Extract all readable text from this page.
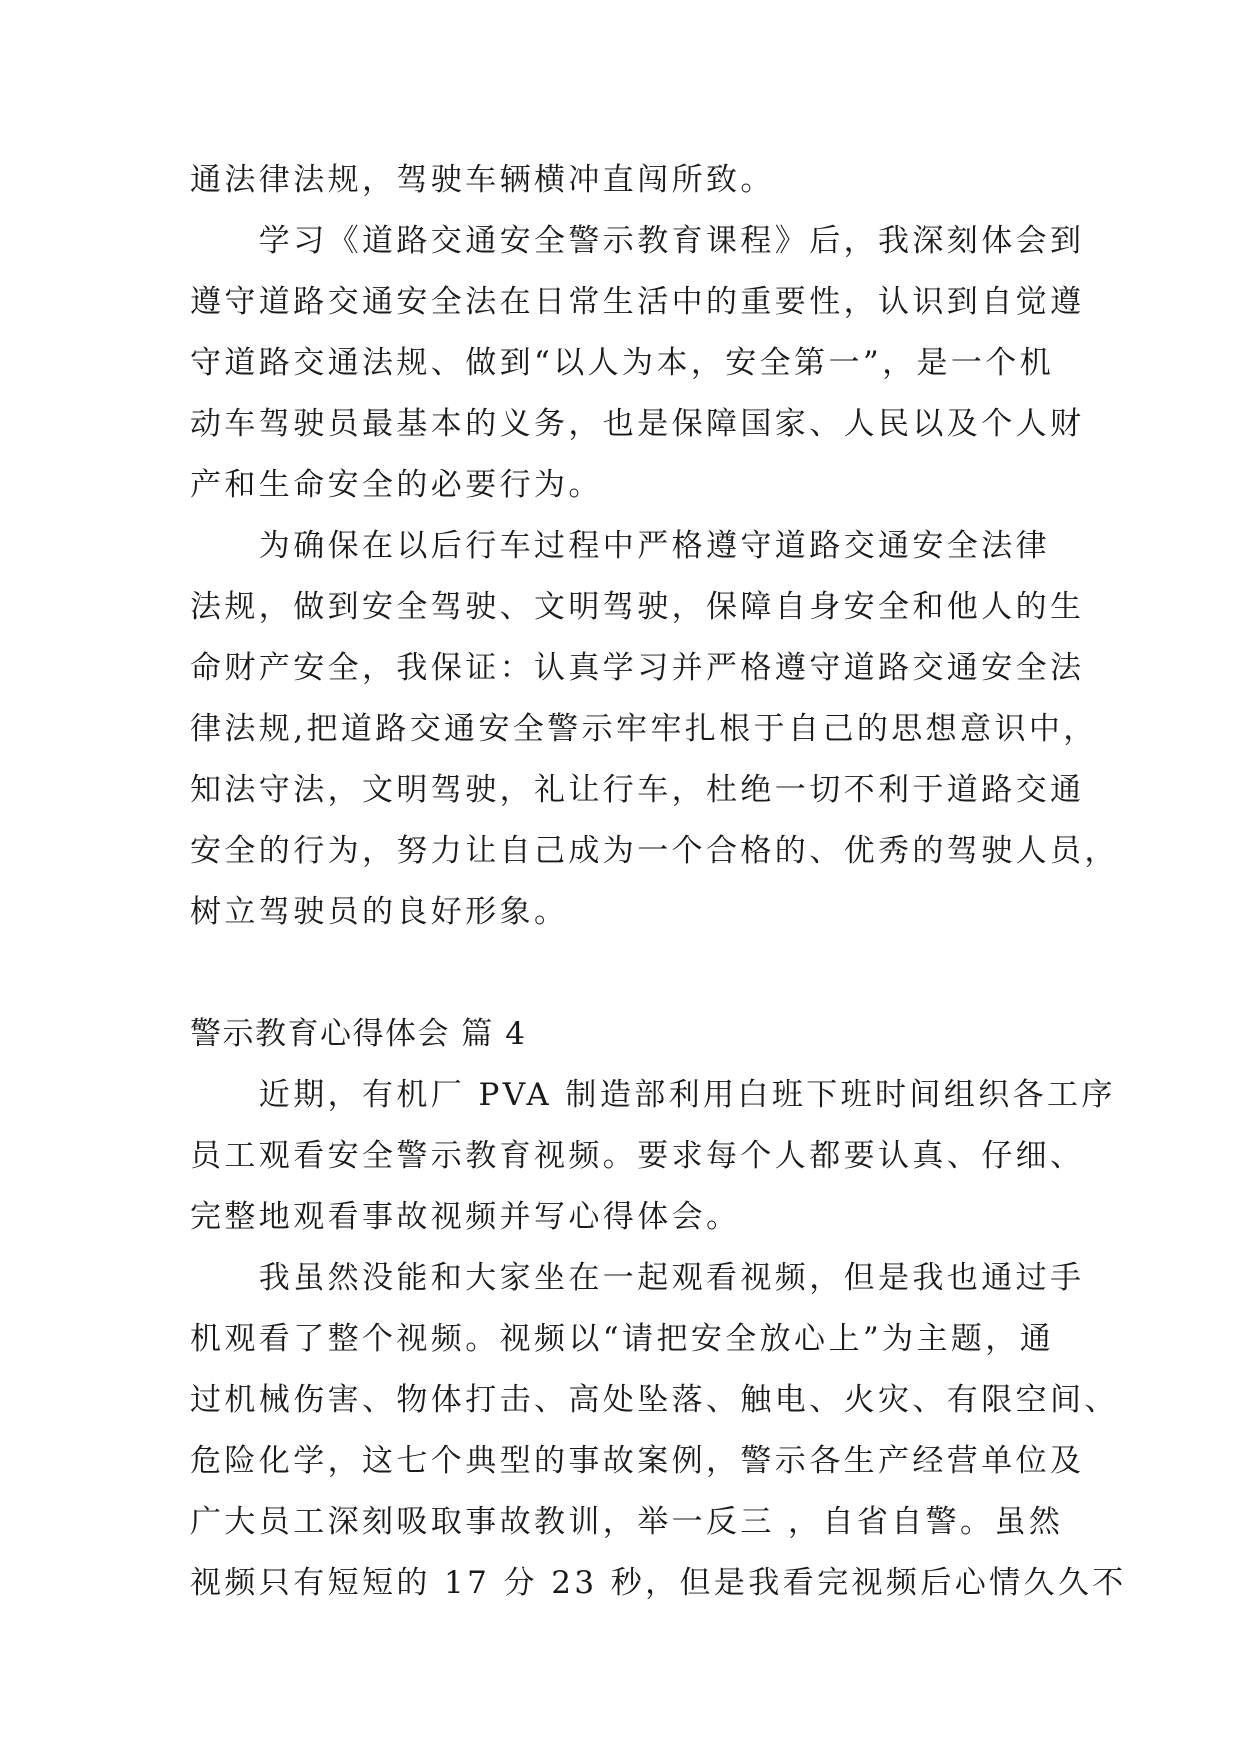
通法律法规，驾驶车辆横冲直闯所致。
　　学习《道路交通安全警示教育课程》后，我深刻体会到
遵守道路交通安全法在日常生活中的重要性，认识到自觉遵
守道路交通法规、做到“以人为本，安全第一”，是一个机
动车驾驶员最基本的义务，也是保障国家、人民以及个人财
产和生命安全的必要行为。
　　为确保在以后行车过程中严格遵守道路交通安全法律
法规，做到安全驾驶、文明驾驶，保障自身安全和他人的生
命财产安全，我保证：认真学习并严格遵守道路交通安全法
律法规,把道路交通安全警示牢牢扎根于自己的思想意识中，
知法守法，文明驾驶，礼让行车，杜绝一切不利于道路交通
安全的行为，努力让自己成为一个合格的、优秀的驾驶人员，
树立驾驶员的良好形象。
警示教育心得体会 篇 4
　　近期，有机厂 PVA 制造部利用白班下班时间组织各工序
员工观看安全警示教育视频。要求每个人都要认真、仔细、
完整地观看事故视频并写心得体会。
　　我虽然没能和大家坐在一起观看视频，但是我也通过手
机观看了整个视频。视频以“请把安全放心上”为主题，通
过机械伤害、物体打击、高处坠落、触电、火灾、有限空间、
危险化学，这七个典型的事故案例，警示各生产经营单位及
广大员工深刻吸取事故教训，举一反三 ，自省自警。虽然
视频只有短短的 17 分 23 秒，但是我看完视频后心情久久不
